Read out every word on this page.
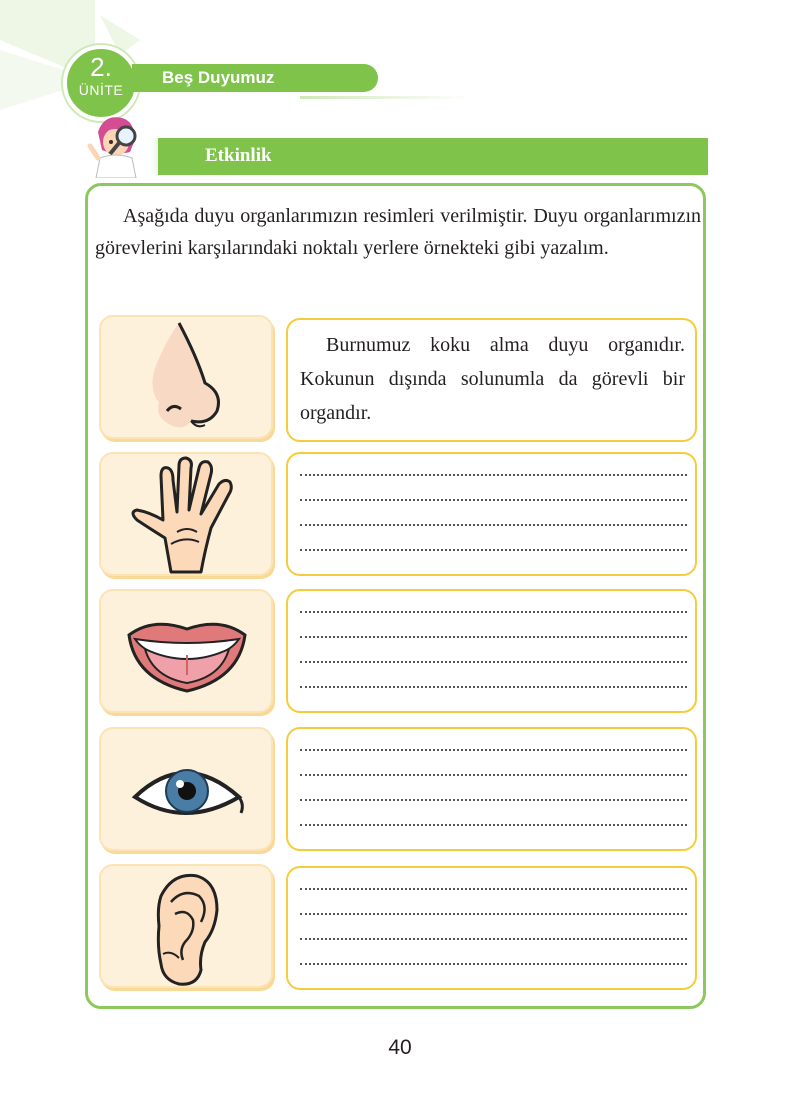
2.
ÜNİTE
Beş Duyumuz
Etkinlik

Aşağıda duyu organlarımızın resimleri verilmiştir. Duyu organlarımızın görevlerini karşılarındaki noktalı yerlere örnekteki gibi yazalım.

Burnumuz koku alma duyu organıdır. Kokunun dışında solunumla da görevli bir organdır.

40
